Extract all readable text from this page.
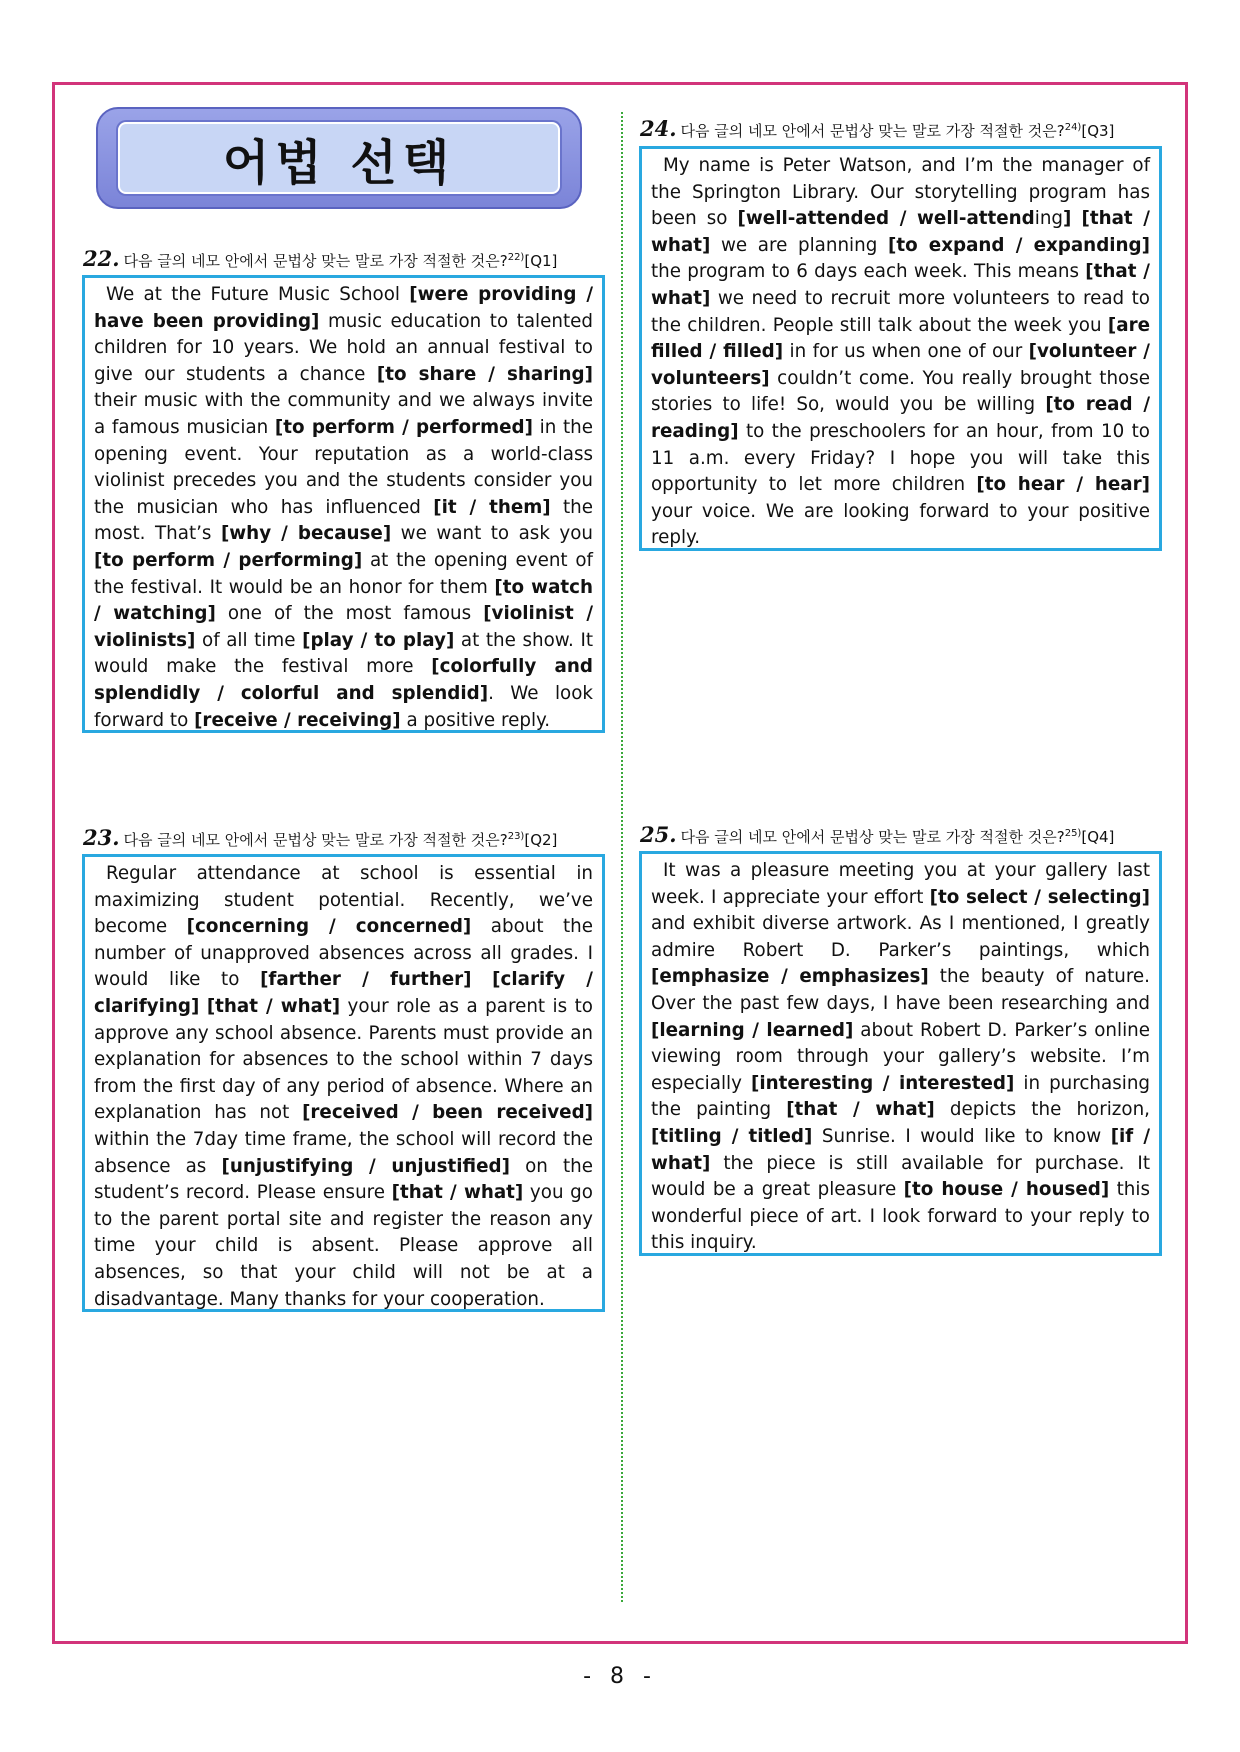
어법 선택
22. 다음 글의 네모 안에서 문법상 맞는 말로 가장 적절한 것은?$^{22)}$[Q1]
We at the Future Music School [were providing / have been providing] music education to talented children for 10 years. We hold an annual festival to give our students a chance [to share / sharing] their music with the community and we always invite a famous musician [to perform / performed] in the opening event. Your reputation as a world-class violinist precedes you and the students consider you the musician who has influenced [it / them] the most. That’s [why / because] we want to ask you [to perform / performing] at the opening event of the festival. It would be an honor for them [to watch / watching] one of the most famous [violinist / violinists] of all time [play / to play] at the show. It would make the festival more [colorfully and splendidly / colorful and splendid]. We look forward to [receive / receiving] a positive reply.
23. 다음 글의 네모 안에서 문법상 맞는 말로 가장 적절한 것은?$^{23)}$[Q2]
Regular attendance at school is essential in maximizing student potential. Recently, we’ve become [concerning / concerned] about the number of unapproved absences across all grades. I would like to [farther / further] [clarify / clarifying] [that / what] your role as a parent is to approve any school absence. Parents must provide an explanation for absences to the school within 7 days from the first day of any period of absence. Where an explanation has not [received / been received] within the 7day time frame, the school will record the absence as [unjustifying / unjustified] on the student’s record. Please ensure [that / what] you go to the parent portal site and register the reason any time your child is absent. Please approve all absences, so that your child will not be at a disadvantage. Many thanks for your cooperation.
24. 다음 글의 네모 안에서 문법상 맞는 말로 가장 적절한 것은?$^{24)}$[Q3]
My name is Peter Watson, and I’m the manager of the Springton Library. Our storytelling program has been so [well-attended / well-attending] [that / what] we are planning [to expand / expanding] the program to 6 days each week. This means [that / what] we need to recruit more volunteers to read to the children. People still talk about the week you [are filled / filled] in for us when one of our [volunteer / volunteers] couldn’t come. You really brought those stories to life! So, would you be willing [to read / reading] to the preschoolers for an hour, from 10 to 11 a.m. every Friday? I hope you will take this opportunity to let more children [to hear / hear] your voice. We are looking forward to your positive reply.
25. 다음 글의 네모 안에서 문법상 맞는 말로 가장 적절한 것은?$^{25)}$[Q4]
It was a pleasure meeting you at your gallery last week. I appreciate your effort [to select / selecting] and exhibit diverse artwork. As I mentioned, I greatly admire Robert D. Parker’s paintings, which [emphasize / emphasizes] the beauty of nature. Over the past few days, I have been researching and [learning / learned] about Robert D. Parker’s online viewing room through your gallery’s website. I’m especially [interesting / interested] in purchasing the painting [that / what] depicts the horizon, [titling / titled] Sunrise. I would like to know [if / what] the piece is still available for purchase. It would be a great pleasure [to house / housed] this wonderful piece of art. I look forward to your reply to this inquiry.
- 8 -
